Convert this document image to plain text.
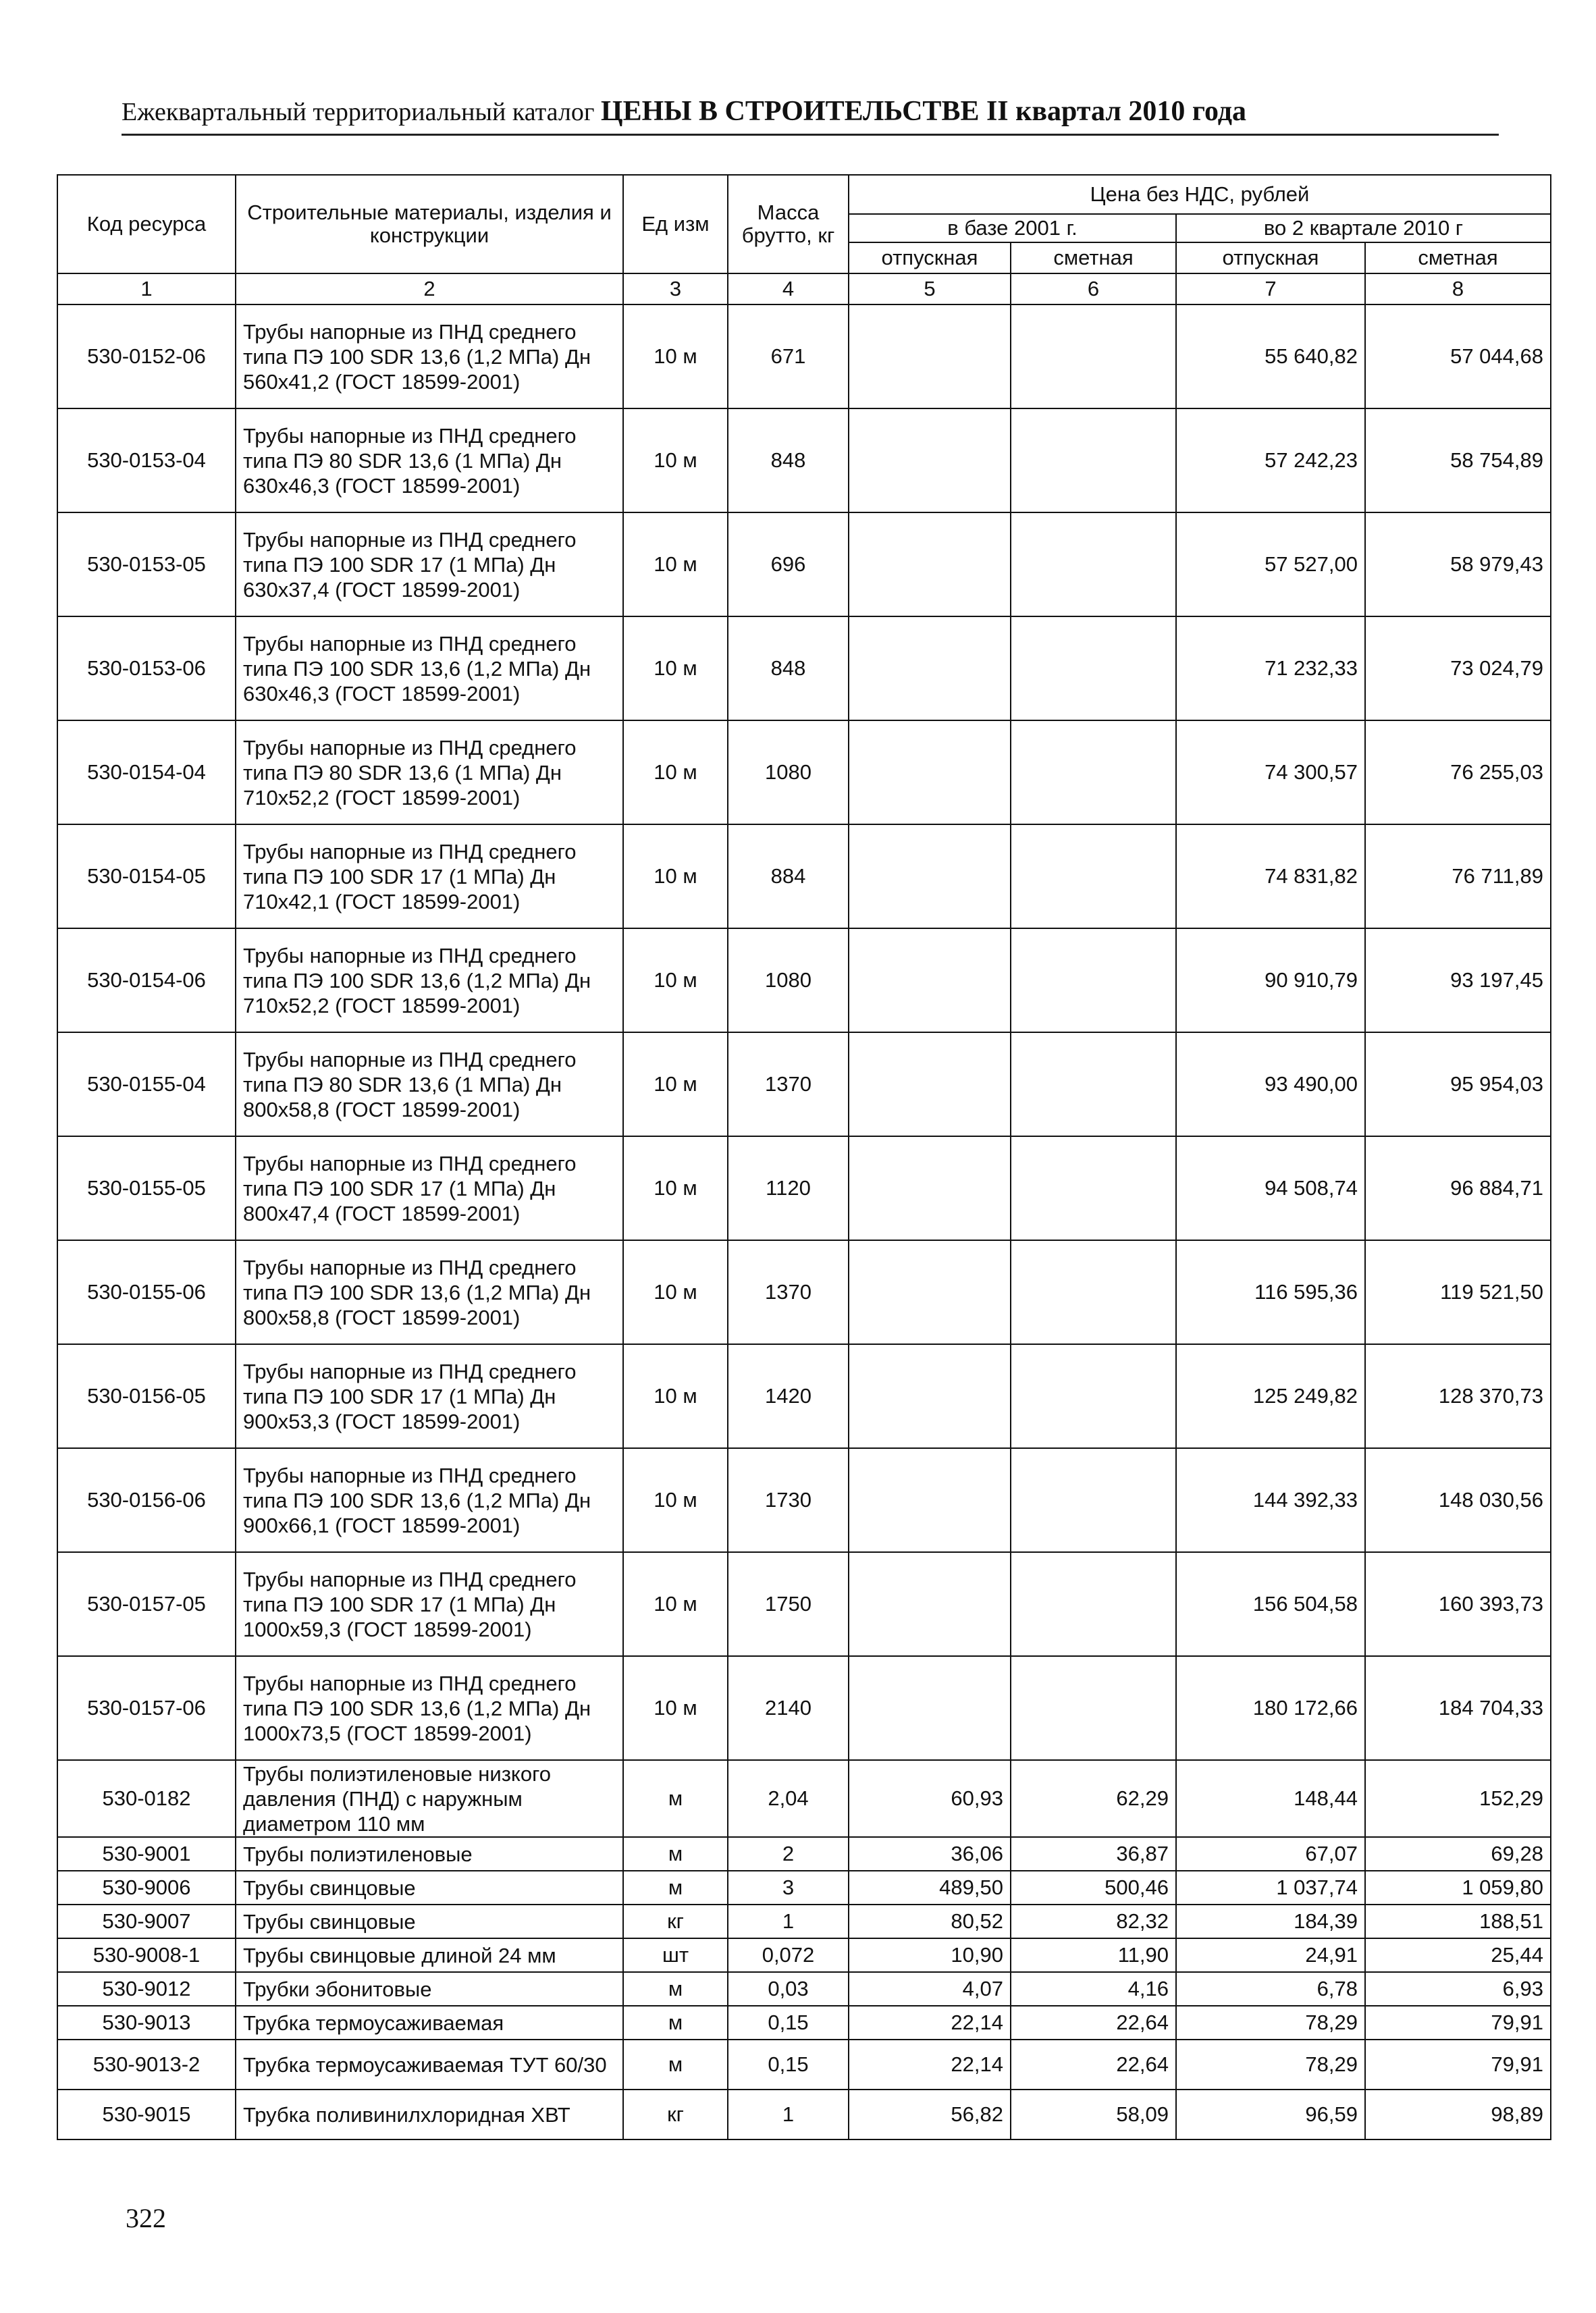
Ежеквартальный территориальный каталог ЦЕНЫ В СТРОИТЕЛЬСТВЕ II квартал 2010 года
Код ресурса	Строительные материалы, изделия и конструкции	Ед изм	Масса брутто, кг	Цена без НДС, рублей			
				в базе 2001 г.		во 2 квартале 2010 г	
				отпускная	сметная	отпускная	сметная
1	2	3	4	5	6	7	8
530-0152-06	Трубы напорные из ПНД среднего типа ПЭ 100 SDR 13,6 (1,2 МПа) Дн 560x41,2 (ГОСТ 18599-2001)	10 м	671			55 640,82	57 044,68
530-0153-04	Трубы напорные из ПНД среднего типа ПЭ 80 SDR 13,6 (1 МПа) Дн 630x46,3 (ГОСТ 18599-2001)	10 м	848			57 242,23	58 754,89
530-0153-05	Трубы напорные из ПНД среднего типа ПЭ 100 SDR 17 (1 МПа) Дн 630x37,4 (ГОСТ 18599-2001)	10 м	696			57 527,00	58 979,43
530-0153-06	Трубы напорные из ПНД среднего типа ПЭ 100 SDR 13,6 (1,2 МПа) Дн 630x46,3 (ГОСТ 18599-2001)	10 м	848			71 232,33	73 024,79
530-0154-04	Трубы напорные из ПНД среднего типа ПЭ 80 SDR 13,6 (1 МПа) Дн 710x52,2 (ГОСТ 18599-2001)	10 м	1080			74 300,57	76 255,03
530-0154-05	Трубы напорные из ПНД среднего типа ПЭ 100 SDR 17 (1 МПа) Дн 710x42,1 (ГОСТ 18599-2001)	10 м	884			74 831,82	76 711,89
530-0154-06	Трубы напорные из ПНД среднего типа ПЭ 100 SDR 13,6 (1,2 МПа) Дн 710x52,2 (ГОСТ 18599-2001)	10 м	1080			90 910,79	93 197,45
530-0155-04	Трубы напорные из ПНД среднего типа ПЭ 80 SDR 13,6 (1 МПа) Дн 800x58,8 (ГОСТ 18599-2001)	10 м	1370			93 490,00	95 954,03
530-0155-05	Трубы напорные из ПНД среднего типа ПЭ 100 SDR 17 (1 МПа) Дн 800x47,4 (ГОСТ 18599-2001)	10 м	1120			94 508,74	96 884,71
530-0155-06	Трубы напорные из ПНД среднего типа ПЭ 100 SDR 13,6 (1,2 МПа) Дн 800x58,8 (ГОСТ 18599-2001)	10 м	1370			116 595,36	119 521,50
530-0156-05	Трубы напорные из ПНД среднего типа ПЭ 100 SDR 17 (1 МПа) Дн 900x53,3 (ГОСТ 18599-2001)	10 м	1420			125 249,82	128 370,73
530-0156-06	Трубы напорные из ПНД среднего типа ПЭ 100 SDR 13,6 (1,2 МПа) Дн 900x66,1 (ГОСТ 18599-2001)	10 м	1730			144 392,33	148 030,56
530-0157-05	Трубы напорные из ПНД среднего типа ПЭ 100 SDR 17 (1 МПа) Дн 1000x59,3 (ГОСТ 18599-2001)	10 м	1750			156 504,58	160 393,73
530-0157-06	Трубы напорные из ПНД среднего типа ПЭ 100 SDR 13,6 (1,2 МПа) Дн 1000x73,5 (ГОСТ 18599-2001)	10 м	2140			180 172,66	184 704,33
530-0182	Трубы полиэтиленовые низкого давления (ПНД) с наружным диаметром 110 мм	м	2,04	60,93	62,29	148,44	152,29
530-9001	Трубы полиэтиленовые	м	2	36,06	36,87	67,07	69,28
530-9006	Трубы свинцовые	м	3	489,50	500,46	1 037,74	1 059,80
530-9007	Трубы свинцовые	кг	1	80,52	82,32	184,39	188,51
530-9008-1	Трубы свинцовые длиной 24 мм	шт	0,072	10,90	11,90	24,91	25,44
530-9012	Трубки эбонитовые	м	0,03	4,07	4,16	6,78	6,93
530-9013	Трубка термоусаживаемая	м	0,15	22,14	22,64	78,29	79,91
530-9013-2	Трубка термоусаживаемая ТУТ 60/30	м	0,15	22,14	22,64	78,29	79,91
530-9015	Трубка поливинилхлоридная ХВТ	кг	1	56,82	58,09	96,59	98,89
322
